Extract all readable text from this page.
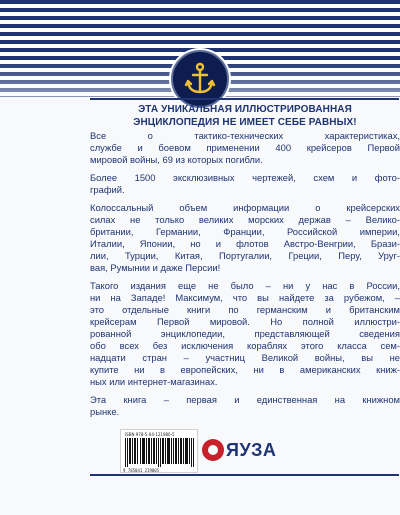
ЭТА УНИКАЛЬНАЯ ИЛЛЮСТРИРОВАННАЯ
ЭНЦИКЛОПЕДИЯ НЕ ИМЕЕТ СЕБЕ РАВНЫХ!
Все о тактико-технических характеристиках,
службе и боевом применении 400 крейсеров Первой
мировой войны, 69 из которых погибли.
Более 1500 эксклюзивных чертежей, схем и фото-
графий.
Колоссальный объем информации о крейсерских
силах не только великих морских держав – Велико-
британии, Германии, Франции, Российской империи,
Италии, Японии, но и флотов Австро-Венгрии, Брази-
лии, Турции, Китая, Португалии, Греции, Перу, Уруг-
вая, Румынии и даже Персии!
Такого издания еще не было – ни у нас в России,
ни на Западе! Максимум, что вы найдете за рубежом, –
это отдельные книги по германским и британским
крейсерам Первой мировой. Но полной иллюстри-
рованной энциклопедии, представляющей сведения
обо всех без исключения кораблях этого класса сем-
надцати стран – участниц Великой войны, вы не
купите ни в европейских, ни в американских книж-
ных или интернет-магазинах.
Эта книга – первая и единственная на книжном
рынке.
ISBN 978-5-04-121980-5
9 785041 219805
ЯУЗА
